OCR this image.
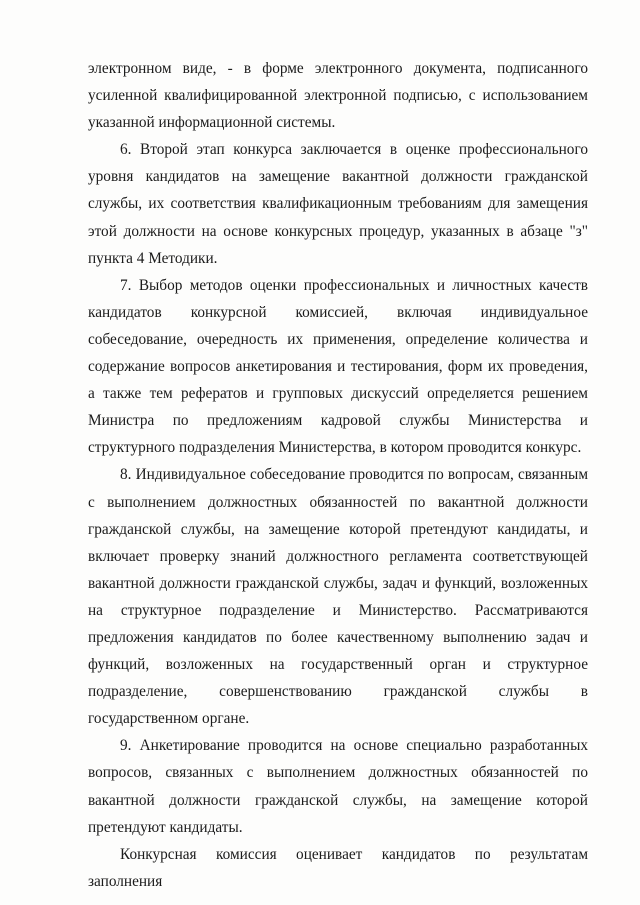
электронном виде, - в форме электронного документа, подписанного усиленной квалифицированной электронной подписью, с использованием указанной информационной системы.

6. Второй этап конкурса заключается в оценке профессионального уровня кандидатов на замещение вакантной должности гражданской службы, их соответствия квалификационным требованиям для замещения этой должности на основе конкурсных процедур, указанных в абзаце "з" пункта 4 Методики.

7. Выбор методов оценки профессиональных и личностных качеств кандидатов конкурсной комиссией, включая индивидуальное собеседование, очередность их применения, определение количества и содержание вопросов анкетирования и тестирования, форм их проведения, а также тем рефератов и групповых дискуссий определяется решением Министра по предложениям кадровой службы Министерства и структурного подразделения Министерства, в котором проводится конкурс.

8. Индивидуальное собеседование проводится по вопросам, связанным с выполнением должностных обязанностей по вакантной должности гражданской службы, на замещение которой претендуют кандидаты, и включает проверку знаний должностного регламента соответствующей вакантной должности гражданской службы, задач и функций, возложенных на структурное подразделение и Министерство. Рассматриваются предложения кандидатов по более качественному выполнению задач и функций, возложенных на государственный орган и структурное подразделение, совершенствованию гражданской службы в государственном органе.

9. Анкетирование проводится на основе специально разработанных вопросов, связанных с выполнением должностных обязанностей по вакантной должности гражданской службы, на замещение которой претендуют кандидаты.

Конкурсная комиссия оценивает кандидатов по результатам заполнения
